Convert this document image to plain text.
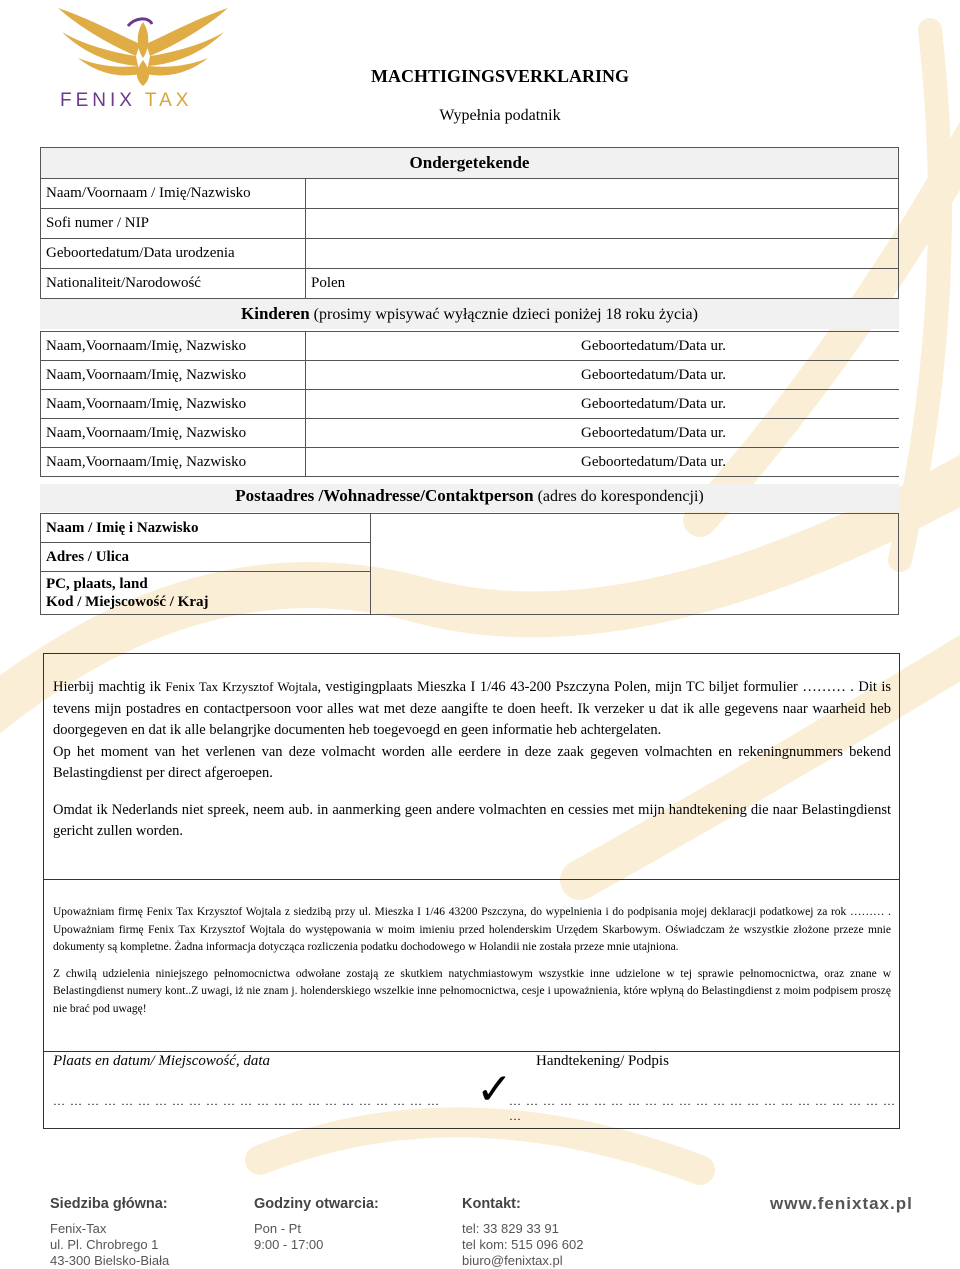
FENIX TAX
MACHTIGINGSVERKLARING
Wypełnia podatnik
Ondergetekende	
Naam/Voornaam / Imię/Nazwisko	
Sofi numer / NIP	
Geboortedatum/Data urodzenia	
Nationaliteit/Narodowość	Polen
Kinderen (prosimy wpisywać wyłącznie dzieci poniżej 18 roku życia)
Naam,Voornaam/Imię, Nazwisko		Geboortedatum/Data ur.	
Naam,Voornaam/Imię, Nazwisko		Geboortedatum/Data ur.	
Naam,Voornaam/Imię, Nazwisko		Geboortedatum/Data ur.	
Naam,Voornaam/Imię, Nazwisko		Geboortedatum/Data ur.	
Naam,Voornaam/Imię, Nazwisko		Geboortedatum/Data ur.	
Postaadres /Wohnadresse/Contaktperson (adres do korespondencji)
Naam / Imię i Nazwisko	
Adres / Ulica
PC, plaats, land
Kod / Miejscowość / Kraj

Hierbij machtig ik Fenix Tax Krzysztof Wojtala, vestigingplaats Mieszka I 1/46 43-200 Pszczyna Polen, mijn TC biljet formulier ……… . Dit is tevens mijn postadres en contactpersoon voor alles wat met deze aangifte te doen heeft. Ik verzeker u dat ik alle gegevens naar waarheid heb doorgegeven en dat ik alle belangrjke documenten heb toegevoegd en geen informatie heb achtergelaten.

Op het moment van het verlenen van deze volmacht worden alle eerdere in deze zaak gegeven volmachten en rekeningnummers bekend Belastingdienst per direct afgeroepen.

Omdat ik Nederlands niet spreek, neem aub. in aanmerking geen andere volmachten en cessies met mijn handtekening die naar Belastingdienst gericht zullen worden.

Upoważniam firmę Fenix Tax Krzysztof Wojtala z siedzibą przy ul. Mieszka I 1/46 43200 Pszczyna, do wypelnienia i do podpisania mojej deklaracji podatkowej za rok ……… . Upoważniam firmę Fenix Tax Krzysztof Wojtala do występowania w moim imieniu przed holenderskim Urzędem Skarbowym. Oświadczam że wszystkie złożone przeze mnie dokumenty są kompletne. Żadna informacja dotycząca rozliczenia podatku dochodowego w Holandii nie została przeze mnie utajniona.

Z chwilą udzielenia niniejszego pełnomocnictwa odwołane zostają ze skutkiem natychmiastowym wszystkie inne udzielone w tej sprawie pełnomocnictwa, oraz znane w Belastingdienst numery kont..Z uwagi, iż nie znam j. holenderskiego wszelkie inne pełnomocnictwa, cesje i upoważnienia, które wpłyną do Belastingdienst z moim podpisem proszę nie brać pod uwagę!

Plaats en datum/ Miejscowość, data	Handtekening/ Podpis
… … … … … … … … … … … … … … … … … … … … … … … ✓
… … … … … … … … … … … … … … … … … … … … … … … …
Siedziba główna:
Fenix-Tax
ul. Pl. Chrobrego 1
43-300 Bielsko-Biała
Godziny otwarcia:
Pon - Pt
9:00 - 17:00
Kontakt:
tel: 33 829 33 91
tel kom: 515 096 602
biuro@fenixtax.pl
www.fenixtax.pl
